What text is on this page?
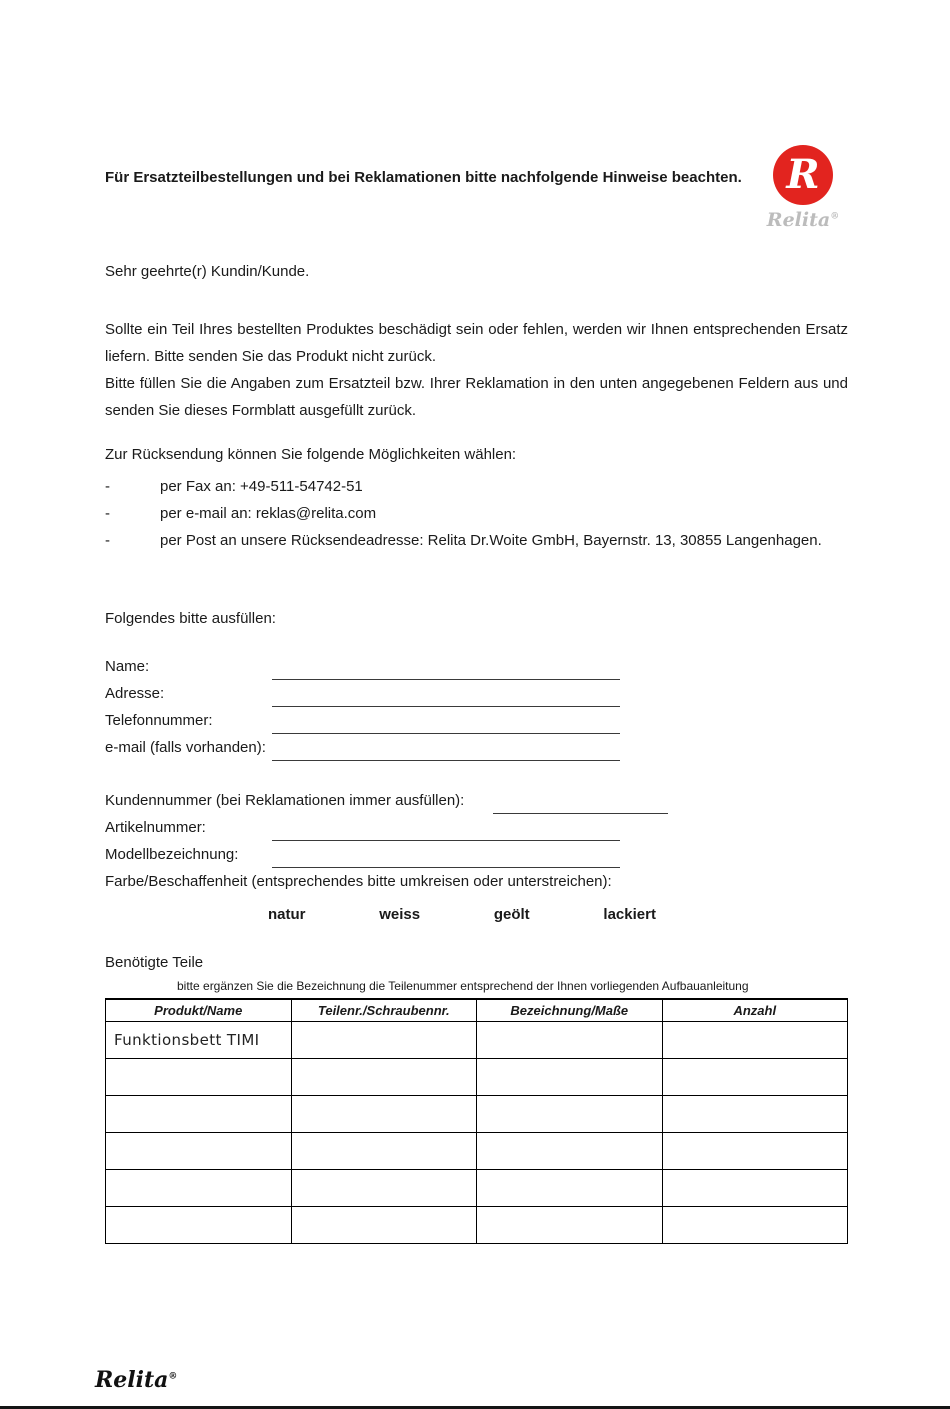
Für Ersatzteilbestellungen und bei Reklamationen bitte nachfolgende Hinweise beachten.	R
Relita®
Sehr geehrte(r) Kundin/Kunde.

Sollte ein Teil Ihres bestellten Produktes beschädigt sein oder fehlen, werden wir Ihnen entsprechenden Ersatz liefern. Bitte senden Sie das Produkt nicht zurück.

Bitte füllen Sie die Angaben zum Ersatzteil bzw. Ihrer Reklamation in den unten angegebenen Feldern aus und senden Sie dieses Formblatt ausgefüllt zurück.

Zur Rücksendung können Sie folgende Möglichkeiten wählen:
-	per Fax an: +49-511-54742-51
-	per e-mail an: reklas@relita.com
-	per Post an unsere Rücksendeadresse: Relita Dr.Woite GmbH, Bayernstr. 13, 30855 Langenhagen.
Folgendes bitte ausfüllen:
Name:
Adresse:
Telefonnummer:
e-mail (falls vorhanden):
Kundennummer (bei Reklamationen immer ausfüllen):
Artikelnummer:
Modellbezeichnung:
Farbe/Beschaffenheit (entsprechendes bitte umkreisen oder unterstreichen):
natur	weiss	geölt	lackiert
Benötigte Teile
bitte ergänzen Sie die Bezeichnung die Teilenummer entsprechend der Ihnen vorliegenden Aufbauanleitung
Produkt/Name	Teilenr./Schraubennr.	Bezeichnung/Maße	Anzahl
Funktionsbett TIMI			

Relita®
